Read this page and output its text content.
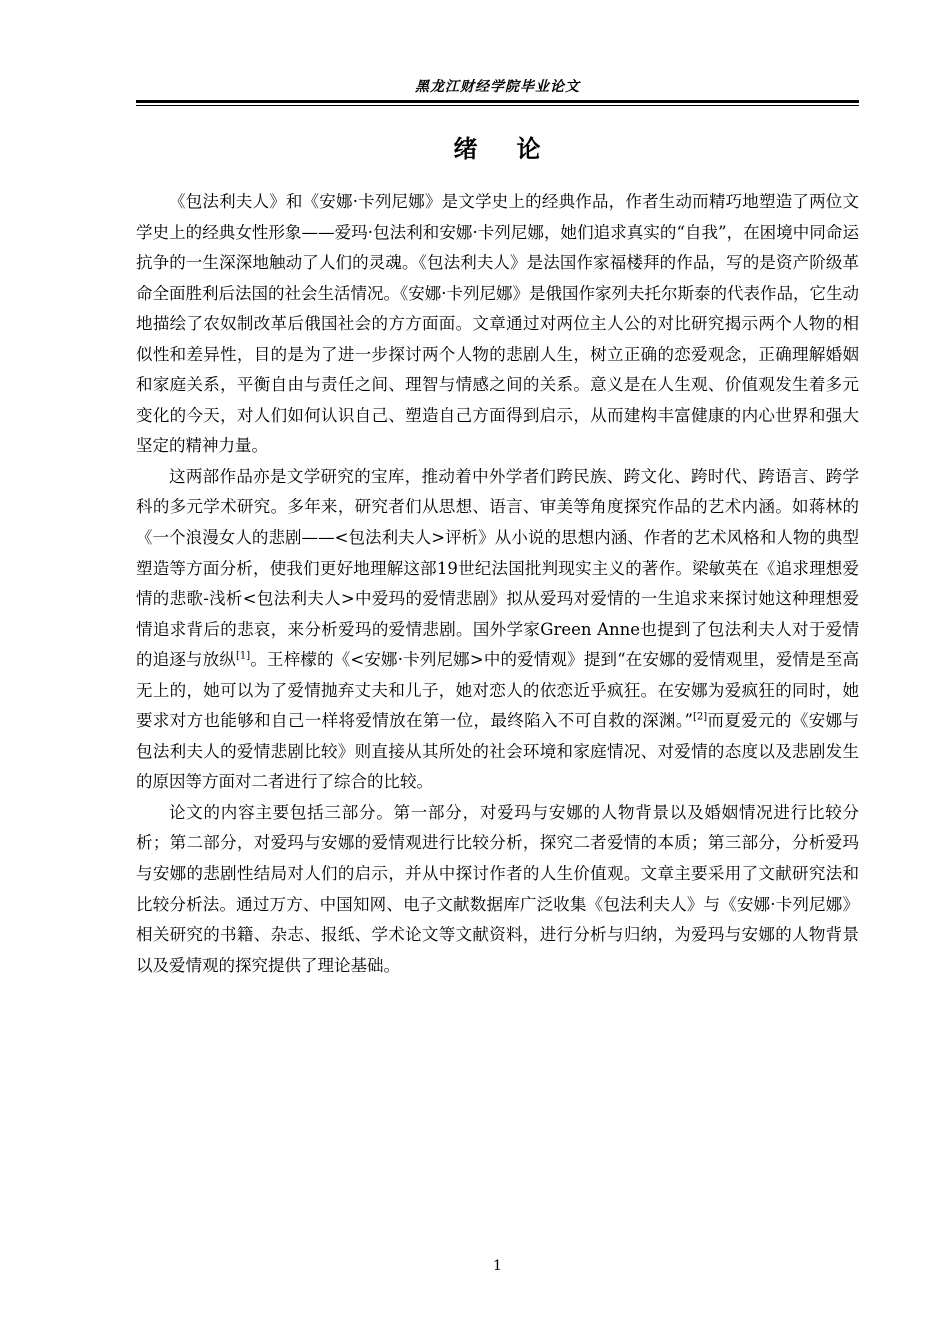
黑龙江财经学院毕业论文
绪 论

《包法利夫人》和《安娜·卡列尼娜》是文学史上的经典作品，作者生动而精巧地塑造了两位文学史上的经典女性形象——爱玛·包法利和安娜·卡列尼娜，她们追求真实的“自我”，在困境中同命运抗争的一生深深地触动了人们的灵魂。《包法利夫人》是法国作家福楼拜的作品，写的是资产阶级革命全面胜利后法国的社会生活情况。《安娜·卡列尼娜》是俄国作家列夫托尔斯泰的代表作品，它生动地描绘了农奴制改革后俄国社会的方方面面。文章通过对两位主人公的对比研究揭示两个人物的相似性和差异性，目的是为了进一步探讨两个人物的悲剧人生，树立正确的恋爱观念，正确理解婚姻和家庭关系，平衡自由与责任之间、理智与情感之间的关系。意义是在人生观、价值观发生着多元变化的今天，对人们如何认识自己、塑造自己方面得到启示，从而建构丰富健康的内心世界和强大坚定的精神力量。

这两部作品亦是文学研究的宝库，推动着中外学者们跨民族、跨文化、跨时代、跨语言、跨学科的多元学术研究。多年来，研究者们从思想、语言、审美等角度探究作品的艺术内涵。如蒋林的《一个浪漫女人的悲剧——<包法利夫人>评析》从小说的思想内涵、作者的艺术风格和人物的典型塑造等方面分析，使我们更好地理解这部19世纪法国批判现实主义的著作。梁敏英在《追求理想爱情的悲歌-浅析<包法利夫人>中爱玛的爱情悲剧》拟从爱玛对爱情的一生追求来探讨她这种理想爱情追求背后的悲哀，来分析爱玛的爱情悲剧。国外学家Green Anne也提到了包法利夫人对于爱情的追逐与放纵[1]。王梓檬的《<安娜·卡列尼娜>中的爱情观》提到“在安娜的爱情观里，爱情是至高无上的，她可以为了爱情抛弃丈夫和儿子，她对恋人的依恋近乎疯狂。在安娜为爱疯狂的同时，她要求对方也能够和自己一样将爱情放在第一位，最终陷入不可自救的深渊。”[2]而夏爱元的《安娜与包法利夫人的爱情悲剧比较》则直接从其所处的社会环境和家庭情况、对爱情的态度以及悲剧发生的原因等方面对二者进行了综合的比较。

论文的内容主要包括三部分。第一部分，对爱玛与安娜的人物背景以及婚姻情况进行比较分析；第二部分，对爱玛与安娜的爱情观进行比较分析，探究二者爱情的本质；第三部分，分析爱玛与安娜的悲剧性结局对人们的启示，并从中探讨作者的人生价值观。文章主要采用了文献研究法和比较分析法。通过万方、中国知网、电子文献数据库广泛收集《包法利夫人》与《安娜·卡列尼娜》相关研究的书籍、杂志、报纸、学术论文等文献资料，进行分析与归纳，为爱玛与安娜的人物背景以及爱情观的探究提供了理论基础。

1
